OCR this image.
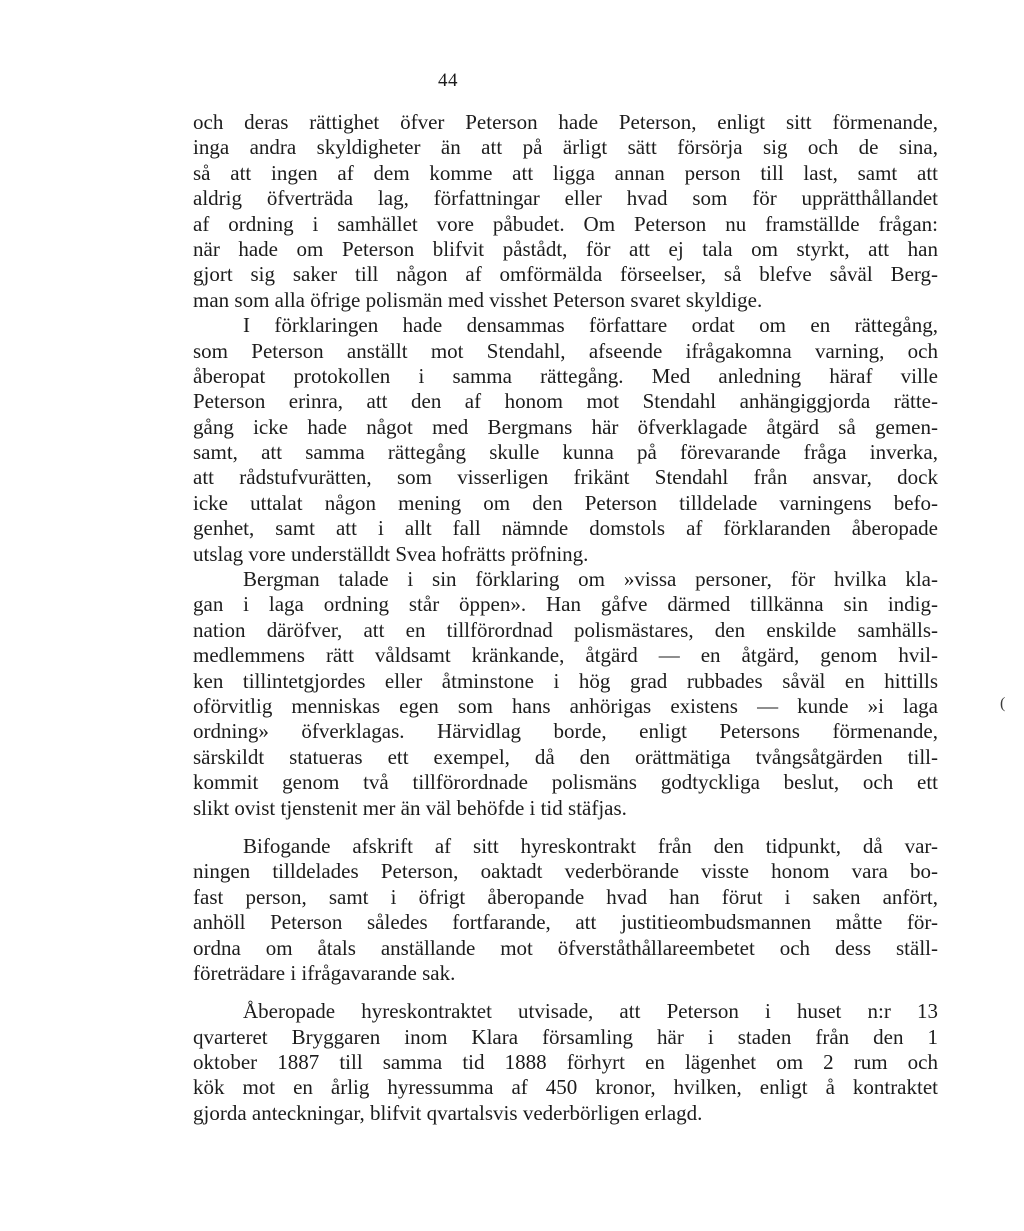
44
och deras rättighet öfver Peterson hade Peterson, enligt sitt förmenande,
inga andra skyldigheter än att på ärligt sätt försörja sig och de sina,
så att ingen af dem komme att ligga annan person till last, samt att
aldrig öfverträda lag, författningar eller hvad som för upprätthållandet
af ordning i samhället vore påbudet. Om Peterson nu framställde frågan:
när hade om Peterson blifvit påstådt, för att ej tala om styrkt, att han
gjort sig saker till någon af omförmälda förseelser, så blefve såväl Berg-
man som alla öfrige polismän med visshet Peterson svaret skyldige.
I förklaringen hade densammas författare ordat om en rättegång,
som Peterson anställt mot Stendahl, afseende ifrågakomna varning, och
åberopat protokollen i samma rättegång. Med anledning häraf ville
Peterson erinra, att den af honom mot Stendahl anhängiggjorda rätte-
gång icke hade något med Bergmans här öfverklagade åtgärd så gemen-
samt, att samma rättegång skulle kunna på förevarande fråga inverka,
att rådstufvurätten, som visserligen frikänt Stendahl från ansvar, dock
icke uttalat någon mening om den Peterson tilldelade varningens befo-
genhet, samt att i allt fall nämnde domstols af förklaranden åberopade
utslag vore underställdt Svea hofrätts pröfning.
Bergman talade i sin förklaring om »vissa personer, för hvilka kla-
gan i laga ordning står öppen». Han gåfve därmed tillkänna sin indig-
nation däröfver, att en tillförordnad polismästares, den enskilde samhälls-
medlemmens rätt våldsamt kränkande, åtgärd — en åtgärd, genom hvil-
ken tillintetgjordes eller åtminstone i hög grad rubbades såväl en hittills
oförvitlig menniskas egen som hans anhörigas existens — kunde »i laga
ordning» öfverklagas. Härvidlag borde, enligt Petersons förmenande,
särskildt statueras ett exempel, då den orättmätiga tvångsåtgärden till-
kommit genom två tillförordnade polismäns godtyckliga beslut, och ett
slikt ovist tjenstenit mer än väl behöfde i tid stäfjas.
Bifogande afskrift af sitt hyreskontrakt från den tidpunkt, då var-
ningen tilldelades Peterson, oaktadt vederbörande visste honom vara bo-
fast person, samt i öfrigt åberopande hvad han förut i saken anfört,
anhöll Peterson således fortfarande, att justitieombudsmannen måtte för-
ordna om åtals anställande mot öfverståthållareembetet och dess ställ-
företrädare i ifrågavarande sak.
Åberopade hyreskontraktet utvisade, att Peterson i huset n:r 13
qvarteret Bryggaren inom Klara församling här i staden från den 1
oktober 1887 till samma tid 1888 förhyrt en lägenhet om 2 rum och
kök mot en årlig hyressumma af 450 kronor, hvilken, enligt å kontraktet
gjorda anteckningar, blifvit qvartalsvis vederbörligen erlagd.
(
